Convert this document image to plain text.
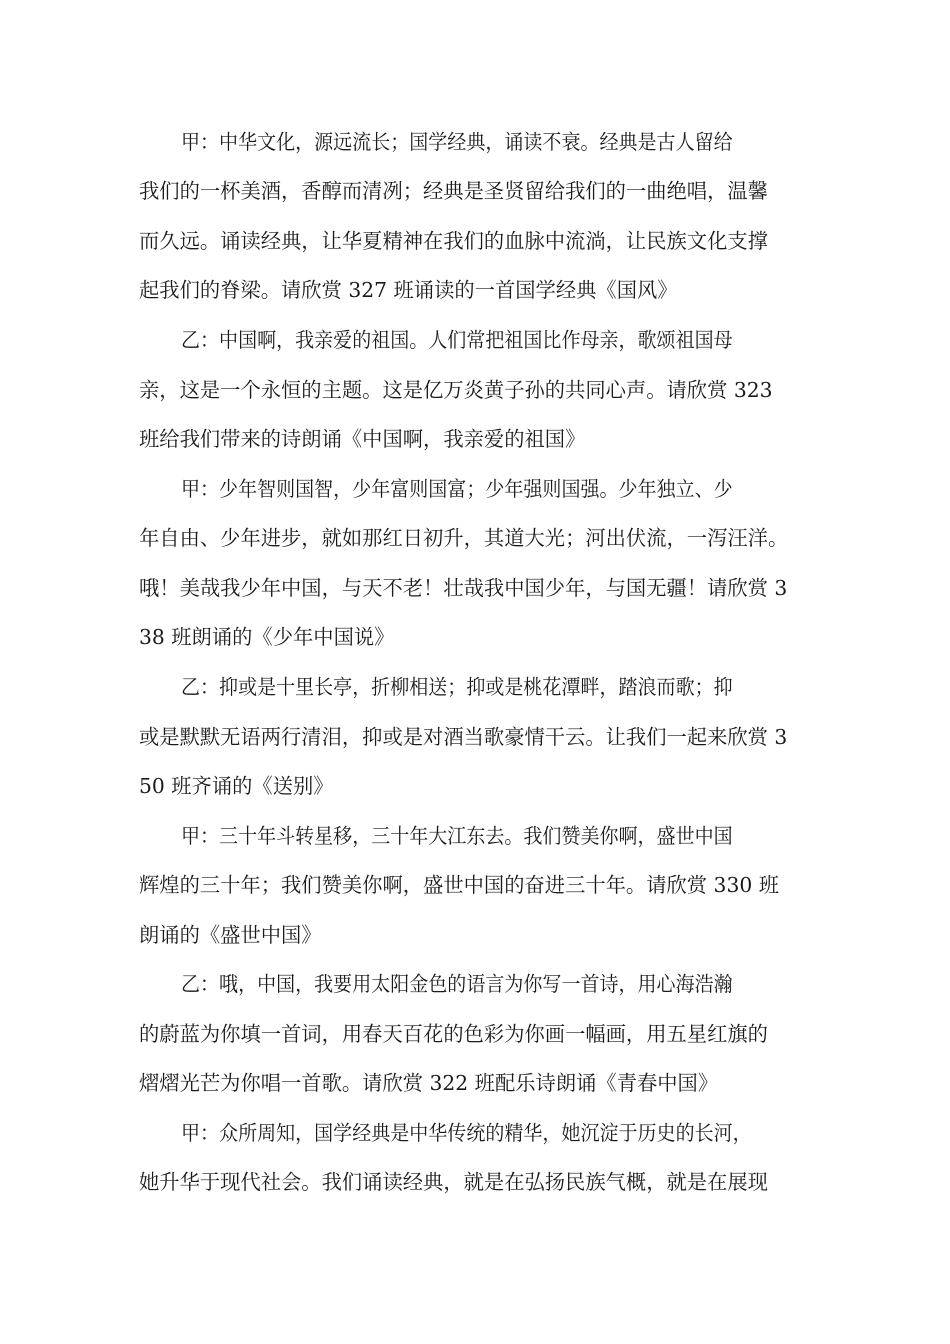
甲：中华文化，源远流长；国学经典，诵读不衰。经典是古人留给
我们的一杯美酒，香醇而清冽；经典是圣贤留给我们的一曲绝唱，温馨
而久远。诵读经典，让华夏精神在我们的血脉中流淌，让民族文化支撑
起我们的脊梁。请欣赏 327 班诵读的一首国学经典《国风》
乙：中国啊，我亲爱的祖国。人们常把祖国比作母亲，歌颂祖国母
亲，这是一个永恒的主题。这是亿万炎黄子孙的共同心声。请欣赏 323
班给我们带来的诗朗诵《中国啊，我亲爱的祖国》
甲：少年智则国智，少年富则国富；少年强则国强。少年独立、少
年自由、少年进步，就如那红日初升，其道大光；河出伏流，一泻汪洋。
哦！美哉我少年中国，与天不老！壮哉我中国少年，与国无疆！请欣赏 3
38 班朗诵的《少年中国说》
乙：抑或是十里长亭，折柳相送；抑或是桃花潭畔，踏浪而歌；抑
或是默默无语两行清泪，抑或是对酒当歌豪情干云。让我们一起来欣赏 3
50 班齐诵的《送别》
甲：三十年斗转星移，三十年大江东去。我们赞美你啊，盛世中国
辉煌的三十年；我们赞美你啊，盛世中国的奋进三十年。请欣赏 330 班
朗诵的《盛世中国》
乙：哦，中国，我要用太阳金色的语言为你写一首诗，用心海浩瀚
的蔚蓝为你填一首词，用春天百花的色彩为你画一幅画，用五星红旗的
熠熠光芒为你唱一首歌。请欣赏 322 班配乐诗朗诵《青春中国》
甲：众所周知，国学经典是中华传统的精华，她沉淀于历史的长河，
她升华于现代社会。我们诵读经典，就是在弘扬民族气概，就是在展现
